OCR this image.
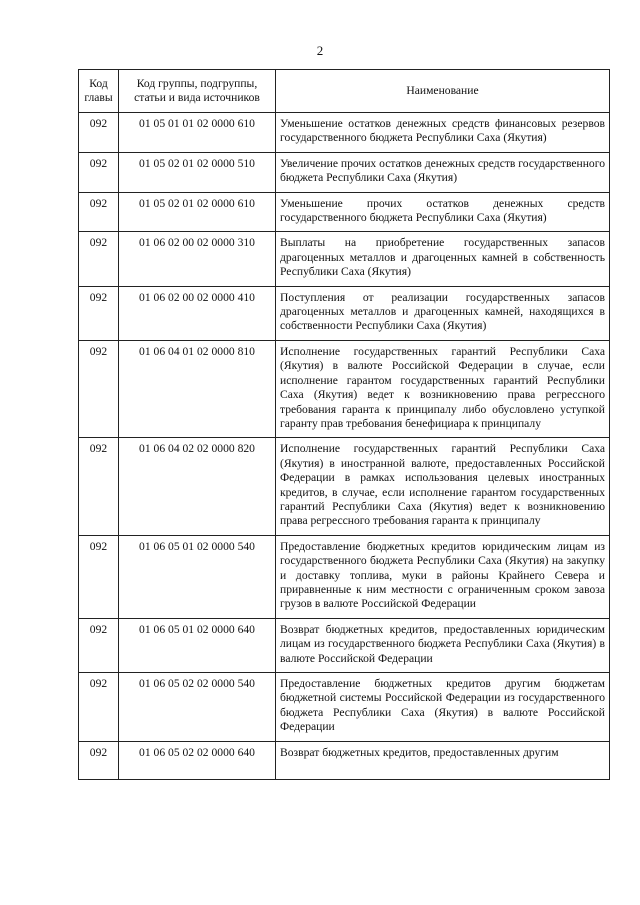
2
Код главы	Код группы, подгруппы, статьи и вида источников	Наименование
092	01 05 01 01 02 0000 610	Уменьшение остатков денежных средств финансовых резервов государственного бюджета Республики Саха (Якутия)
092	01 05 02 01 02 0000 510	Увеличение прочих остатков денежных средств государственного бюджета Республики Саха (Якутия)
092	01 05 02 01 02 0000 610	Уменьшение прочих остатков денежных средств государственного бюджета Республики Саха (Якутия)
092	01 06 02 00 02 0000 310	Выплаты на приобретение государственных запасов драгоценных металлов и драгоценных камней в собственность Республики Саха (Якутия)
092	01 06 02 00 02 0000 410	Поступления от реализации государственных запасов драгоценных металлов и драгоценных камней, находящихся в собственности Республики Саха (Якутия)
092	01 06 04 01 02 0000 810	Исполнение государственных гарантий Республики Саха (Якутия) в валюте Российской Федерации в случае, если исполнение гарантом государственных гарантий Республики Саха (Якутия) ведет к возникновению права регрессного требования гаранта к принципалу либо обусловлено уступкой гаранту прав требования бенефициара к принципалу
092	01 06 04 02 02 0000 820	Исполнение государственных гарантий Республики Саха (Якутия) в иностранной валюте, предоставленных Российской Федерации в рамках использования целевых иностранных кредитов, в случае, если исполнение гарантом государственных гарантий Республики Саха (Якутия) ведет к возникновению права регрессного требования гаранта к принципалу
092	01 06 05 01 02 0000 540	Предоставление бюджетных кредитов юридическим лицам из государственного бюджета Республики Саха (Якутия) на закупку и доставку топлива, муки в районы Крайнего Севера и приравненные к ним местности с ограниченным сроком завоза грузов в валюте Российской Федерации
092	01 06 05 01 02 0000 640	Возврат бюджетных кредитов, предоставленных юридическим лицам из государственного бюджета Республики Саха (Якутия) в валюте Российской Федерации
092	01 06 05 02 02 0000 540	Предоставление бюджетных кредитов другим бюджетам бюджетной системы Российской Федерации из государственного бюджета Республики Саха (Якутия) в валюте Российской Федерации
092	01 06 05 02 02 0000 640	Возврат бюджетных кредитов, предоставленных другим
